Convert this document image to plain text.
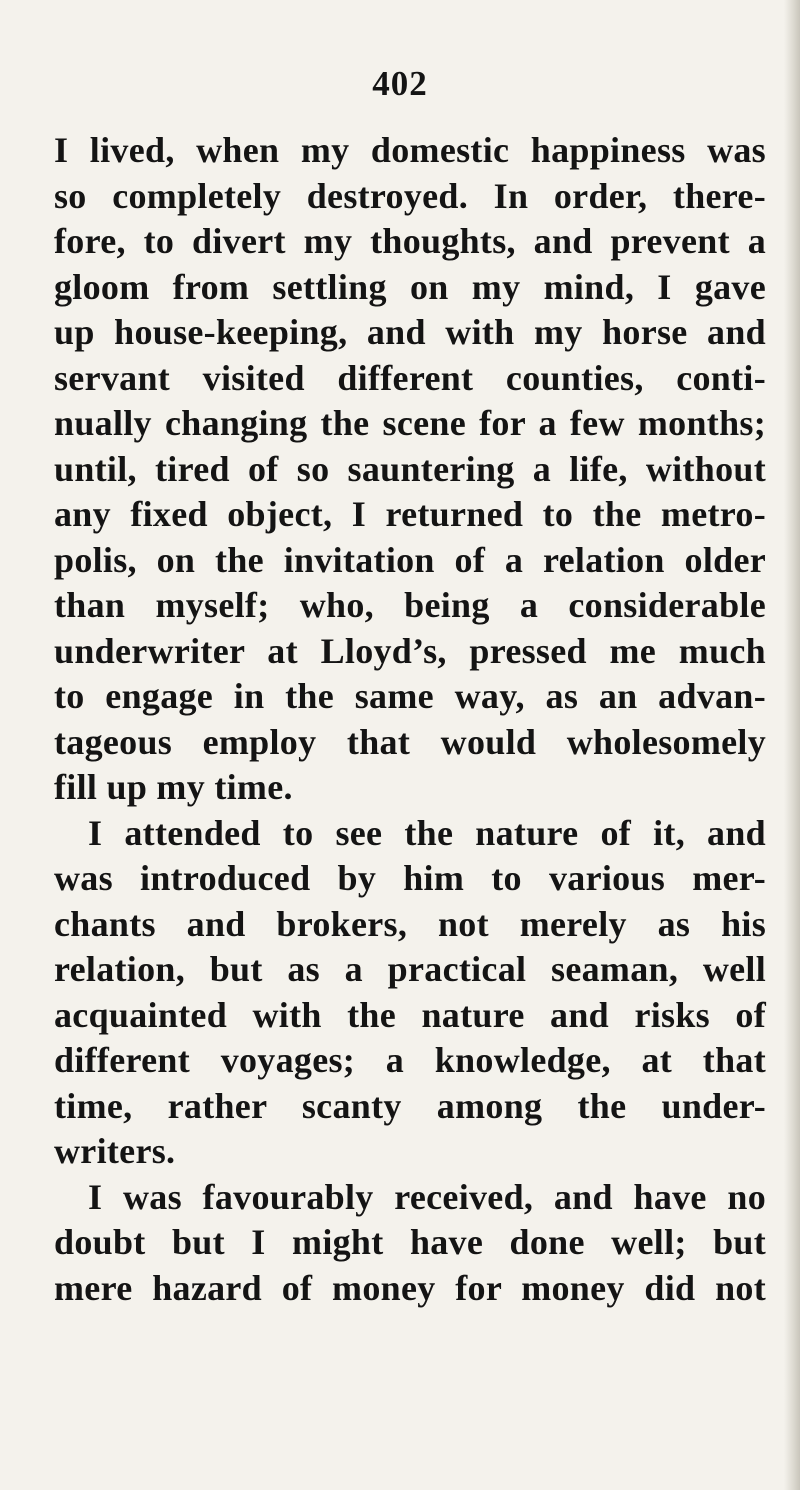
402

I lived, when my domestic happiness was
so completely destroyed. In order, there-
fore, to divert my thoughts, and prevent a
gloom from settling on my mind, I gave
up house-keeping, and with my horse and
servant visited different counties, conti-
nually changing the scene for a few months;
until, tired of so sauntering a life, without
any fixed object, I returned to the metro-
polis, on the invitation of a relation older
than myself; who, being a considerable
underwriter at Lloyd’s, pressed me much
to engage in the same way, as an advan-
tageous employ that would wholesomely
fill up my time.
I attended to see the nature of it, and
was introduced by him to various mer-
chants and brokers, not merely as his
relation, but as a practical seaman, well
acquainted with the nature and risks of
different voyages; a knowledge, at that
time, rather scanty among the under-
writers.
I was favourably received, and have no
doubt but I might have done well; but
mere hazard of money for money did not
